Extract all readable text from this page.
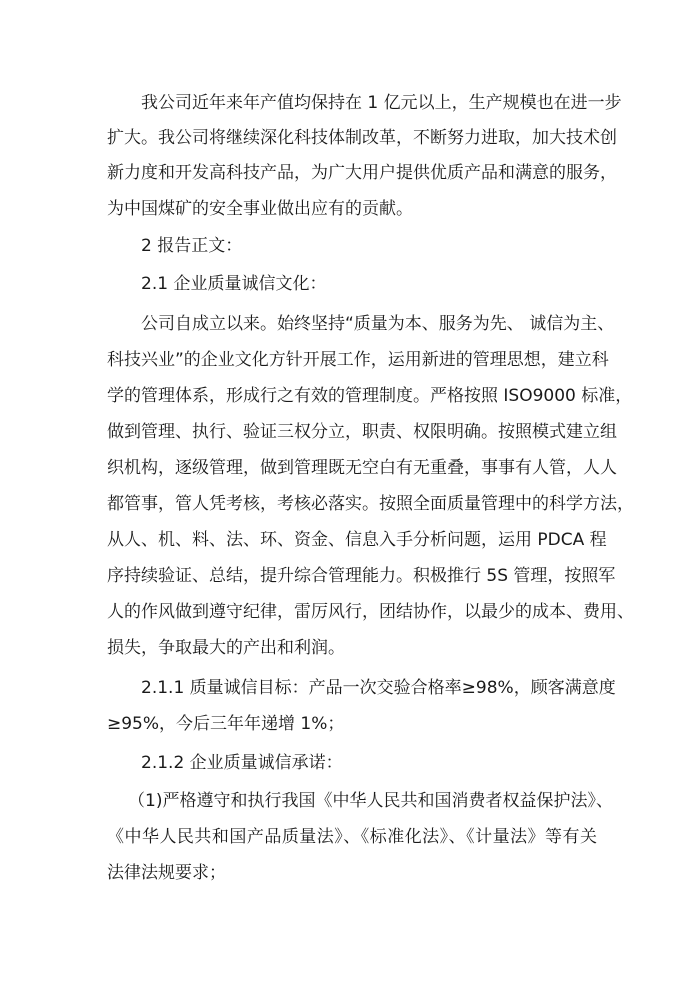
我公司近年来年产值均保持在 1 亿元以上，生产规模也在进一步
扩大。我公司将继续深化科技体制改革，不断努力进取，加大技术创
新力度和开发高科技产品，为广大用户提供优质产品和满意的服务，
为中国煤矿的安全事业做出应有的贡献。
2 报告正文：
2.1 企业质量诚信文化：
公司自成立以来。始终坚持“质量为本、服务为先、 诚信为主、
科技兴业”的企业文化方针开展工作，运用新进的管理思想，建立科
学的管理体系，形成行之有效的管理制度。严格按照 ISO9000 标准，
做到管理、执行、验证三权分立，职责、权限明确。按照模式建立组
织机构，逐级管理，做到管理既无空白有无重叠，事事有人管，人人
都管事，管人凭考核，考核必落实。按照全面质量管理中的科学方法，
从人、机、料、法、环、资金、信息入手分析问题，运用 PDCA 程
序持续验证、总结，提升综合管理能力。积极推行 5S 管理，按照军
人的作风做到遵守纪律，雷厉风行，团结协作，以最少的成本、费用、
损失，争取最大的产出和利润。
2.1.1 质量诚信目标：产品一次交验合格率≥98%，顾客满意度
≥95%，今后三年年递增 1%；
2.1.2 企业质量诚信承诺：
（1)严格遵守和执行我国《中华人民共和国消费者权益保护法》、
《中华人民共和国产品质量法》、《标准化法》、《计量法》等有关
法律法规要求；
